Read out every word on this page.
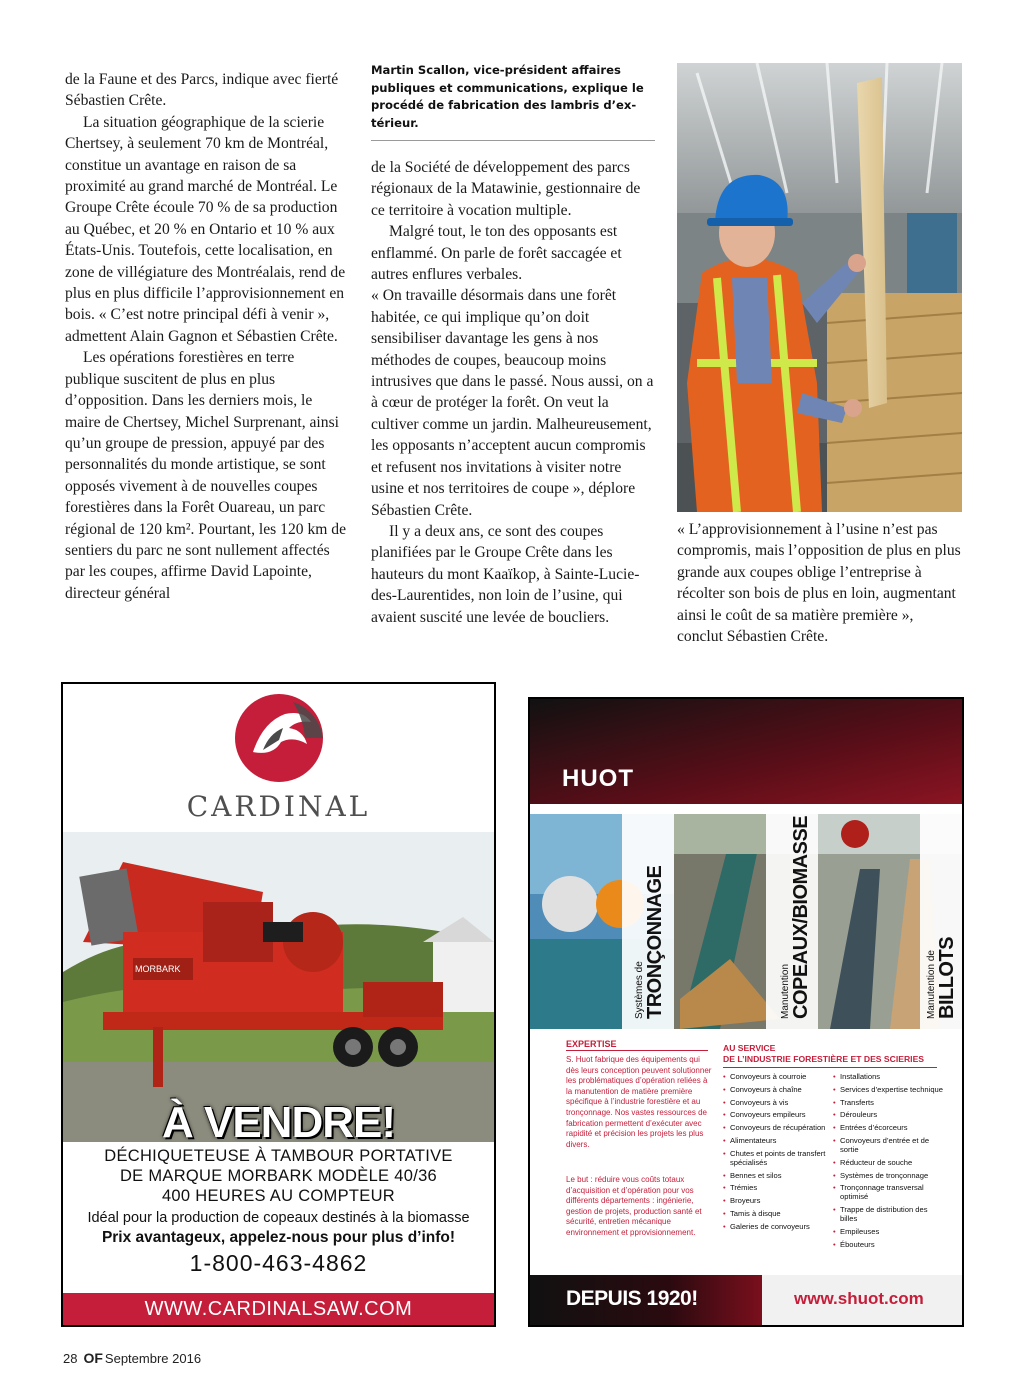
de la Faune et des Parcs, indique avec fierté Sébastien Crête.

La situation géographique de la scierie Chertsey, à seulement 70 km de Montréal, constitue un avantage en raison de sa proximité au grand marché de Montréal. Le Groupe Crête écoule 70 % de sa production au Québec, et 20 % en Ontario et 10 % aux États-Unis. Toutefois, cette localisation, en zone de villégiature des Montréalais, rend de plus en plus difficile l’approvisionnement en bois. « C’est notre principal défi à venir », admettent Alain Gagnon et Sébastien Crête.

Les opérations forestières en terre publique suscitent de plus en plus d’opposition. Dans les derniers mois, le maire de Chertsey, Michel Surprenant, ainsi qu’un groupe de pression, appuyé par des personnalités du monde artistique, se sont opposés vivement à de nouvelles coupes forestières dans la Forêt Ouareau, un parc régional de 120 km². Pourtant, les 120 km de sentiers du parc ne sont nullement affectés par les coupes, affirme David Lapointe, directeur général

Martin Scallon, vice-président affaires publiques et communications, explique le procédé de fabrication des lambris d’ex-térieur.

de la Société de développement des parcs régionaux de la Matawinie, gestionnaire de ce territoire à vocation multiple.

Malgré tout, le ton des opposants est enflammé. On parle de forêt saccagée et autres enflures verbales.

« On travaille désormais dans une forêt habitée, ce qui implique qu’on doit sensibiliser davantage les gens à nos méthodes de coupes, beaucoup moins intrusives que dans le passé. Nous aussi, on a à cœur de protéger la forêt. On veut la cultiver comme un jardin. Malheureusement, les opposants n’acceptent aucun compromis et refusent nos invitations à visiter notre usine et nos territoires de coupe », déplore Sébastien Crête.

Il y a deux ans, ce sont des coupes planifiées par le Groupe Crête dans les hauteurs du mont Kaaïkop, à Sainte-Lucie-des-Laurentides, non loin de l’usine, qui avaient suscité une levée de boucliers.

« L’approvisionnement à l’usine n’est pas compromis, mais l’opposition de plus en plus grande aux coupes oblige l’entreprise à récolter son bois de plus en loin, augmentant ainsi le coût de sa matière première », conclut Sébastien Crête.

CARDINAL
MORBARK
À VENDRE!
DÉCHIQUETEUSE À TAMBOUR PORTATIVE
DE MARQUE MORBARK MODÈLE 40/36
400 HEURES AU COMPTEUR
Idéal pour la production de copeaux destinés à la biomasse
Prix avantageux, appelez-nous pour plus d’info!
1-800-463-4862
WWW.CARDINALSAW.COM
HUOT
Systèmes de TRONÇONNAGE	Manutention COPEAUX/BIOMASSE	Manutention de BILLOTS
EXPERTISE
S. Huot fabrique des équipements qui dès leurs conception peuvent solutionner les problématiques d’opération reliées à la manutention de matière première spécifique à l’industrie forestière et au tronçonnage. Nos vastes ressources de fabrication permettent d’exécuter avec rapidité et précision les projets les plus divers.
Le but : réduire vous coûts totaux d’acquisition et d’opération pour vos différents départements : ingénierie, gestion de projets, production santé et sécurité, entretien mécanique environnement et pprovisionnement.
AU SERVICE
DE L’INDUSTRIE FORESTIÈRE ET DES SCIERIES
• Convoyeurs à courroie
• Convoyeurs à chaîne
• Convoyeurs à vis
• Convoyeurs empileurs
• Convoyeurs de récupération
• Alimentateurs
• Chutes et points de transfert spécialisés
• Bennes et silos
• Trémies
• Broyeurs
• Tamis à disque
• Galeries de convoyeurs
• Installations
• Services d’expertise technique
• Transferts
• Dérouleurs
• Entrées d’écorceurs
• Convoyeurs d’entrée et de sortie
• Réducteur de souche
• Systèmes de tronçonnage
• Tronçonnage transversal optimisé
• Trappe de distribution des billes
• Empileuses
• Ébouteurs
DEPUIS 1920!	www.shuot.com
28 OF Septembre 2016
